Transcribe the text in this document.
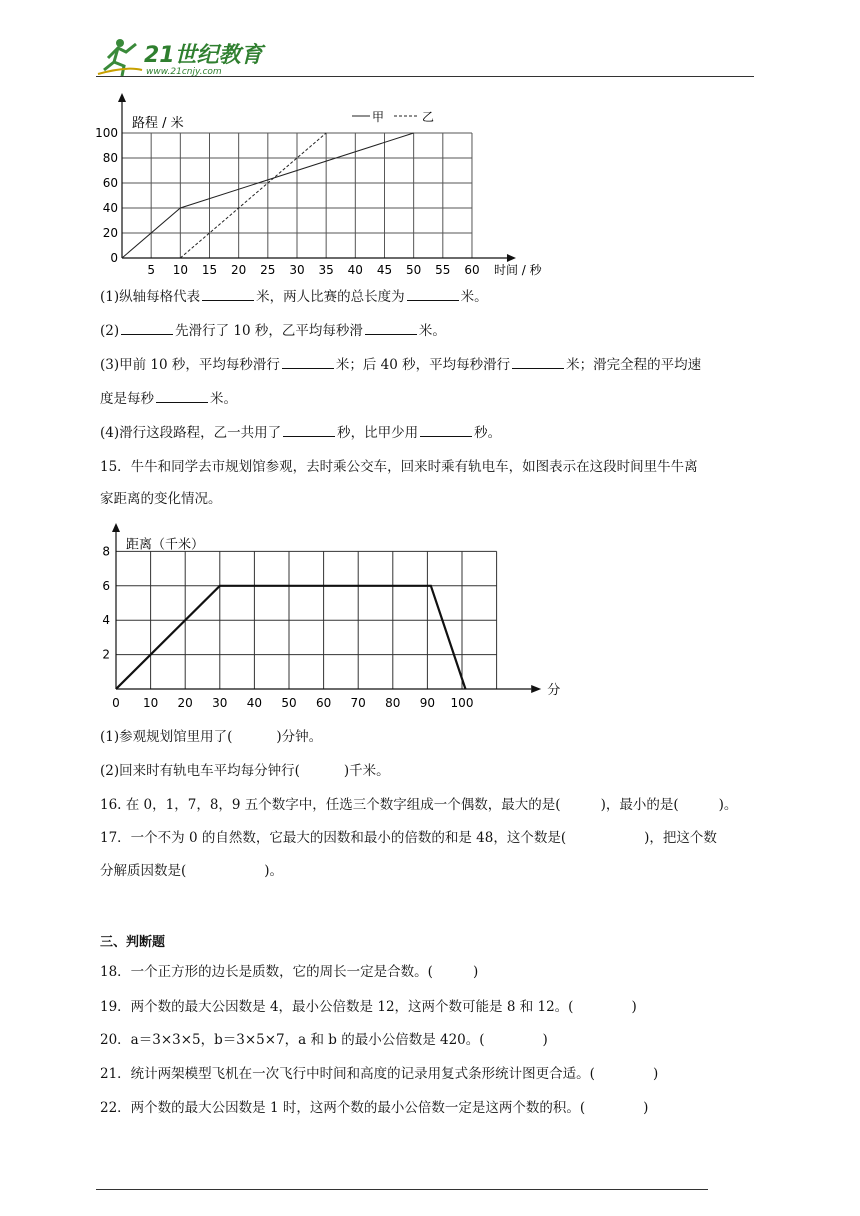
21世纪教育
www.21cnjy.com
5 10 15 20 25 30 35 40 45 50 55 60
0
20
40
60
80
100
时间 / 秒
路程 / 米	甲	乙
(1)纵轴每格代表	米，两人比赛的总长度为	米。
(2)	先滑行了 10 秒，乙平均每秒滑	米。
(3)甲前 10 秒，平均每秒滑行	米；后 40 秒，平均每秒滑行	米；滑完全程的平均速
度是每秒	米。
(4)滑行这段路程，乙一共用了	秒，比甲少用	秒。
15．牛牛和同学去市规划馆参观，去时乘公交车，回来时乘有轨电车，如图表示在这段时间里牛牛离
家距离的变化情况。
0 10 20 30 40 50 60 70 80 90 100
2
4
6
8
分
距离（千米）
(1)参观规划馆里用了(	)分钟。
(2)回来时有轨电车平均每分钟行(	)千米。
16. 在 0，1，7，8，9 五个数字中，任选三个数字组成一个偶数，最大的是(	)，最小的是(	)。
17．一个不为 0 的自然数，它最大的因数和最小的倍数的和是 48，这个数是(	)，把这个数
分解质因数是(	)。
三、判断题
18．一个正方形的边长是质数，它的周长一定是合数。(	)
19．两个数的最大公因数是 4，最小公倍数是 12，这两个数可能是 8 和 12。(	)
20．a＝3×3×5，b＝3×5×7，a 和 b 的最小公倍数是 420。(	)
21．统计两架模型飞机在一次飞行中时间和高度的记录用复式条形统计图更合适。(	)
22．两个数的最大公因数是 1 时，这两个数的最小公倍数一定是这两个数的积。(	)
